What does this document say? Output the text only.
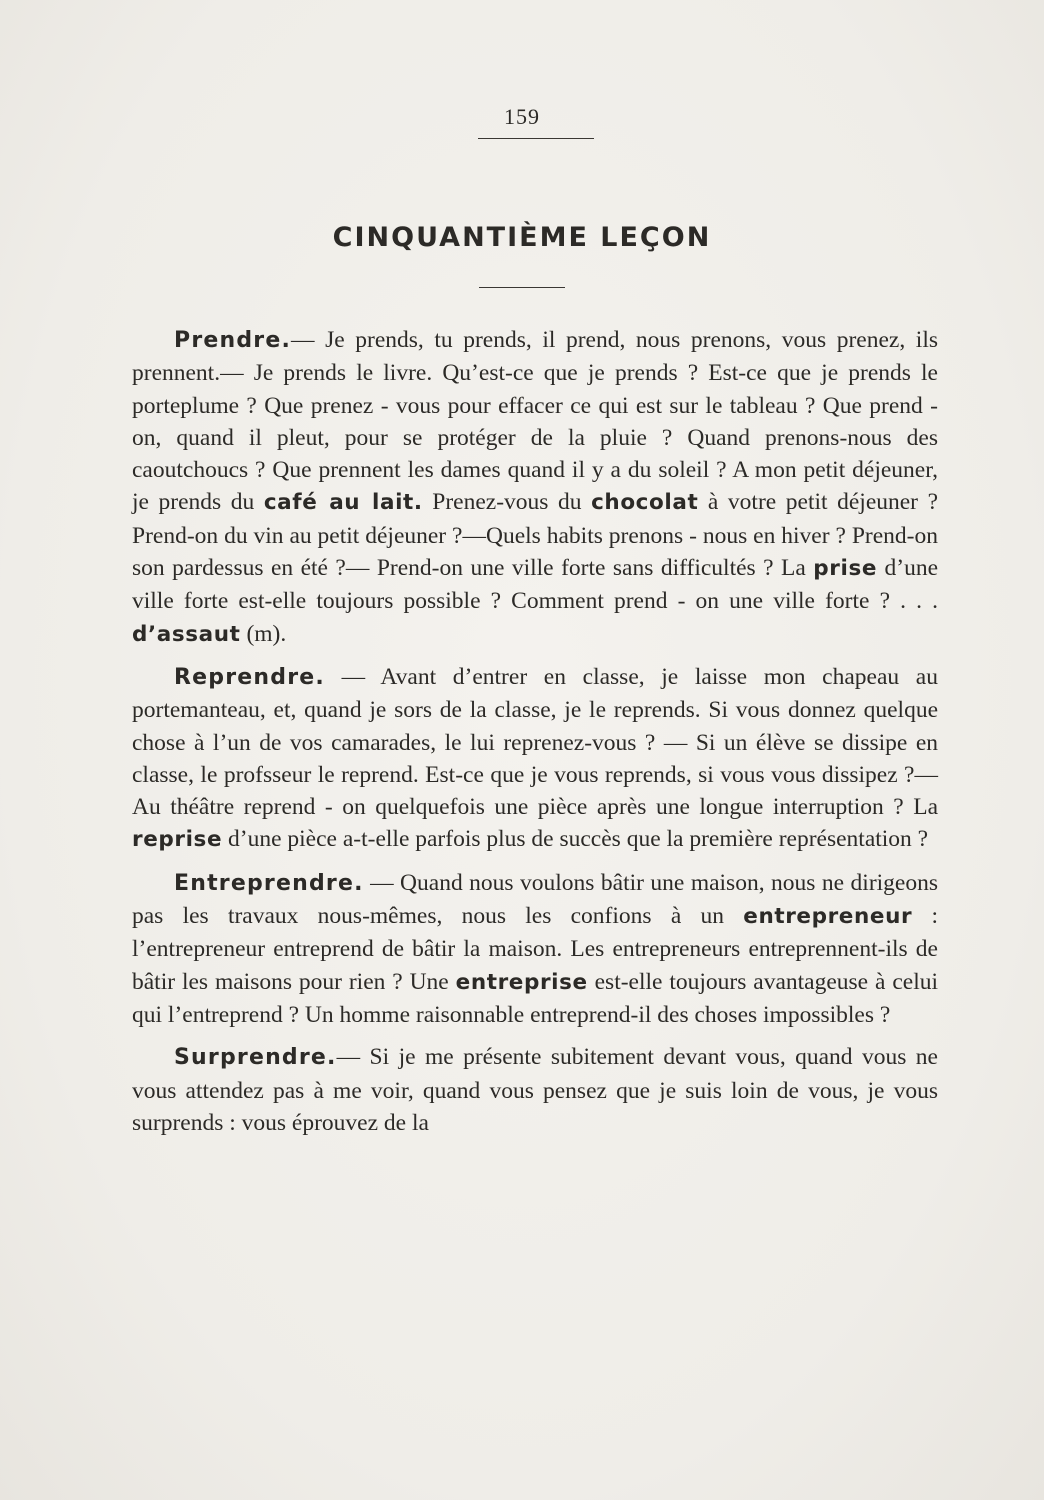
159
CINQUANTIÈME LEÇON

Prendre.— Je prends, tu prends, il prend, nous prenons, vous prenez, ils prennent.— Je prends le livre. Qu’est-ce que je prends ? Est-ce que je prends le porteplume ? Que prenez - vous pour effacer ce qui est sur le tableau ? Que prend - on, quand il pleut, pour se protéger de la pluie ? Quand prenons-nous des caoutchoucs ? Que prennent les dames quand il y a du soleil ? A mon petit déjeuner, je prends du café au lait. Prenez-vous du chocolat à votre petit déjeuner ? Prend-on du vin au petit déjeuner ?—Quels habits prenons - nous en hiver ? Prend-on son pardessus en été ?— Prend-on une ville forte sans difficultés ? La prise d’une ville forte est-elle toujours possible ? Comment prend - on une ville forte ? . . . d’assaut (m).

Reprendre. — Avant d’entrer en classe, je laisse mon chapeau au portemanteau, et, quand je sors de la classe, je le reprends. Si vous donnez quelque chose à l’un de vos camarades, le lui reprenez-vous ? — Si un élève se dissipe en classe, le profsseur le reprend. Est-ce que je vous reprends, si vous vous dissipez ?— Au théâtre reprend - on quelquefois une pièce après une longue interruption ? La reprise d’une pièce a-t-elle parfois plus de succès que la première représentation ?

Entreprendre. — Quand nous voulons bâtir une maison, nous ne dirigeons pas les travaux nous-mêmes, nous les confions à un entrepreneur : l’entrepreneur entreprend de bâtir la maison. Les entrepreneurs entreprennent-ils de bâtir les maisons pour rien ? Une entreprise est-elle toujours avantageuse à celui qui l’entreprend ? Un homme raisonnable entreprend-il des choses impossibles ?

Surprendre.— Si je me présente subitement devant vous, quand vous ne vous attendez pas à me voir, quand vous pensez que je suis loin de vous, je vous surprends : vous éprouvez de la
